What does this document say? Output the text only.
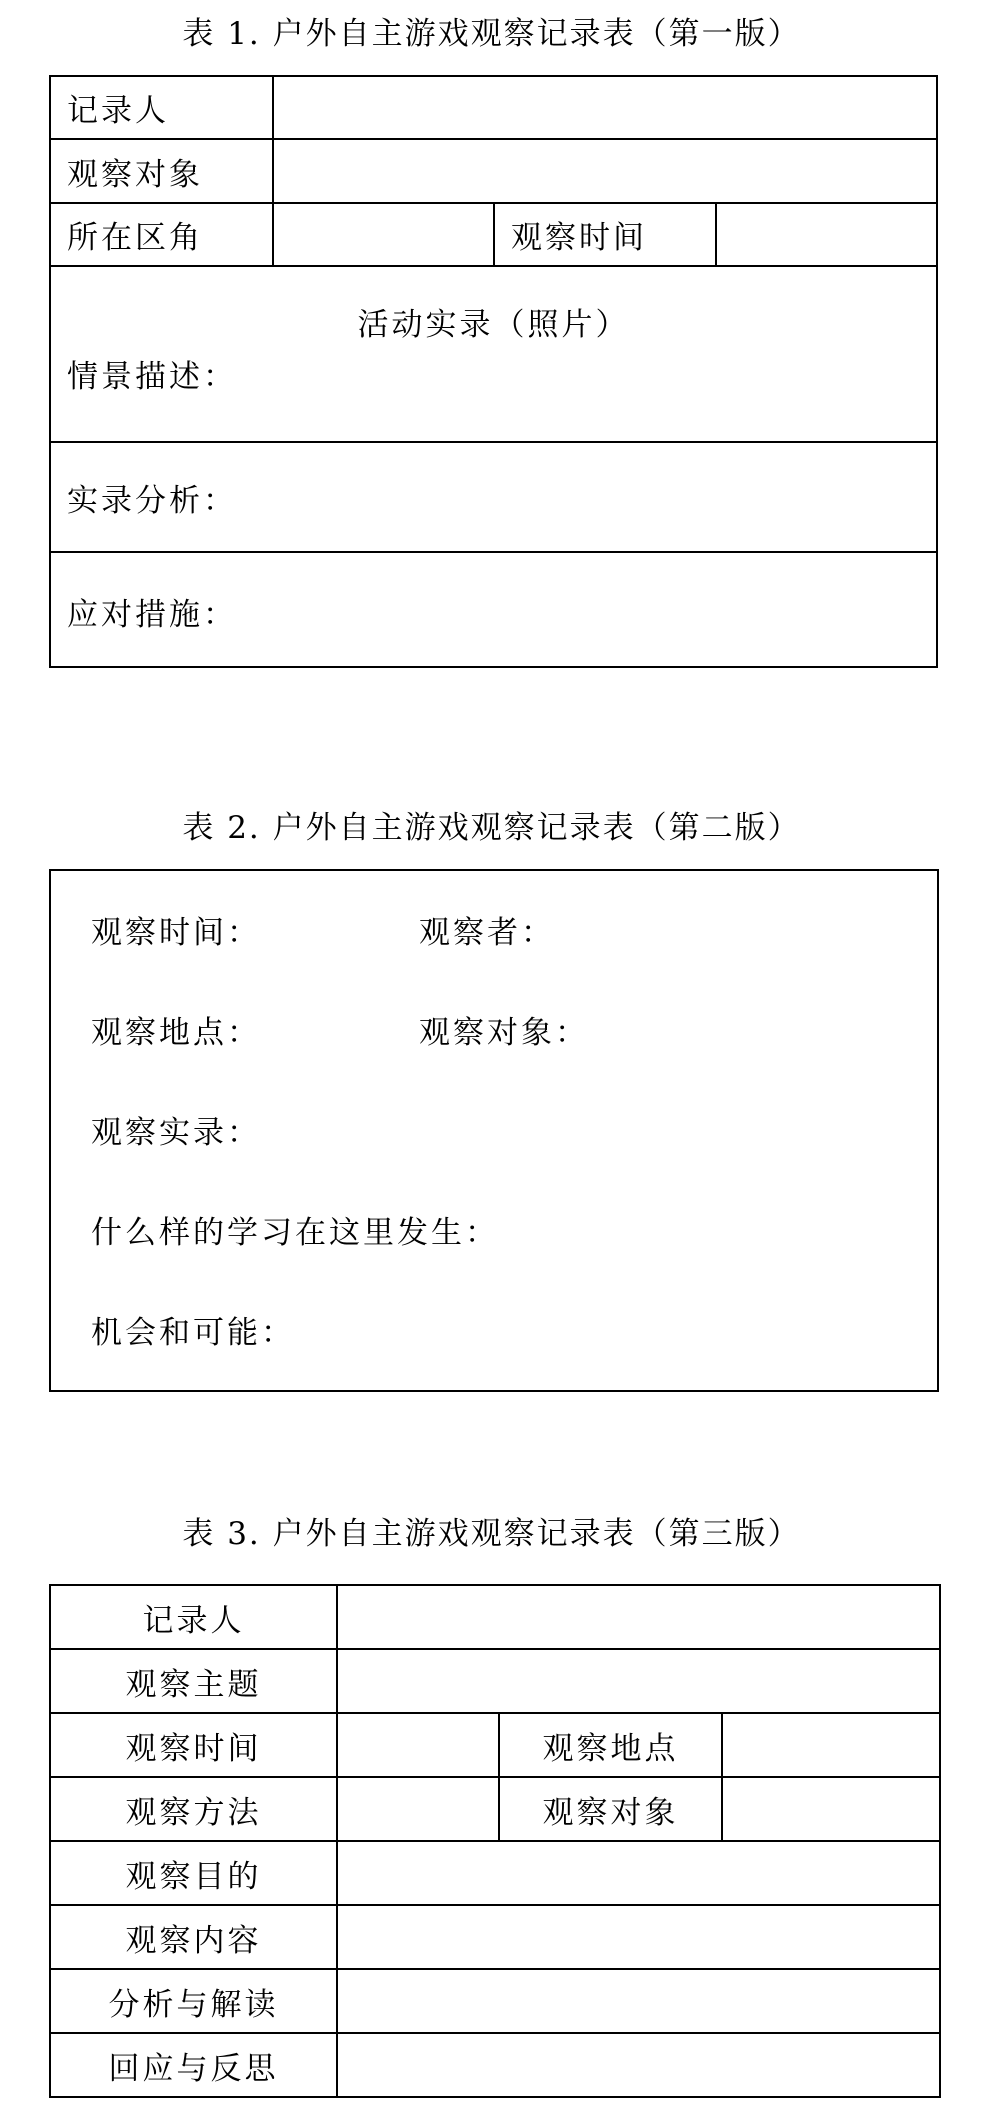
表 1. 户外自主游戏观察记录表（第一版）
记录人			
观察对象			
所在区角		观察时间	

活动实录（照片）
情景描述：			

实录分析：			

应对措施：			
表 2. 户外自主游戏观察记录表（第二版）
观察时间：	观察者：
观察地点：	观察对象：
观察实录：
什么样的学习在这里发生：
机会和可能：
表 3. 户外自主游戏观察记录表（第三版）
记录人			
观察主题			
观察时间		观察地点	
观察方法		观察对象	
观察目的			
观察内容			
分析与解读			
回应与反思			
